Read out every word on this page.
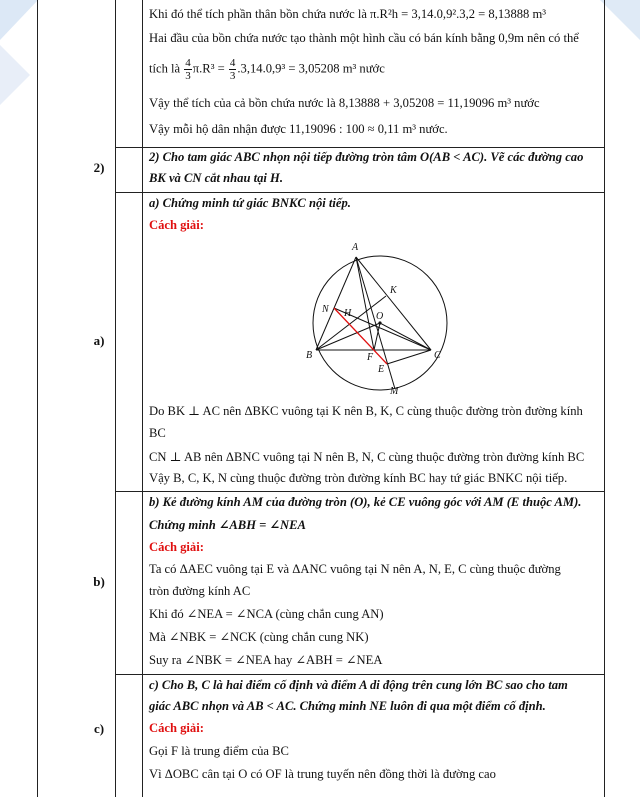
Khi đó thể tích phần thân bồn chứa nước là π.R²h = 3,14.0,9².3,2 = 8,13888 m³
Hai đầu của bồn chứa nước tạo thành một hình cầu có bán kính bằng 0,9m nên có thể
tích là $\frac{4}{3} \pi.R^3 = \frac{4}{3} .3,14.0,9^3 = 3,05208$ m³ nước
Vậy thể tích của cả bồn chứa nước là 8,13888 + 3,05208 = 11,19096 m³ nước
Vậy mỗi hộ dân nhận được 11,19096 : 100 ≈ 0,11 m³ nước.
2)
2) Cho tam giác ABC nhọn nội tiếp đường tròn tâm O(AB < AC). Vẽ các đường cao
BK và CN cắt nhau tại H.
a)
a) Chứng minh tứ giác BNKC nội tiếp.
Cách giải:
A
K
N H O
B	C
F
E
M
Do BK ⊥ AC nên ΔBKC vuông tại K nên B, K, C cùng thuộc đường tròn đường kính
BC
CN ⊥ AB nên ΔBNC vuông tại N nên B, N, C cùng thuộc đường tròn đường kính BC
Vậy B, C, K, N cùng thuộc đường tròn đường kính BC hay tứ giác BNKC nội tiếp.
b)
b) Kẻ đường kính AM của đường tròn (O), kẻ CE vuông góc với AM (E thuộc AM).
Chứng minh ∠ABH = ∠NEA
Cách giải:
Ta có ΔAEC vuông tại E và ΔANC vuông tại N nên A, N, E, C cùng thuộc đường
tròn đường kính AC
Khi đó ∠NEA = ∠NCA (cùng chắn cung AN)
Mà ∠NBK = ∠NCK (cùng chắn cung NK)
Suy ra ∠NBK = ∠NEA hay ∠ABH = ∠NEA
c)
c) Cho B, C là hai điểm cố định và điểm A di động trên cung lớn BC sao cho tam
giác ABC nhọn và AB < AC. Chứng minh NE luôn đi qua một điểm cố định.
Cách giải:
Gọi F là trung điểm của BC
Vì ΔOBC cân tại O có OF là trung tuyến nên đồng thời là đường cao
